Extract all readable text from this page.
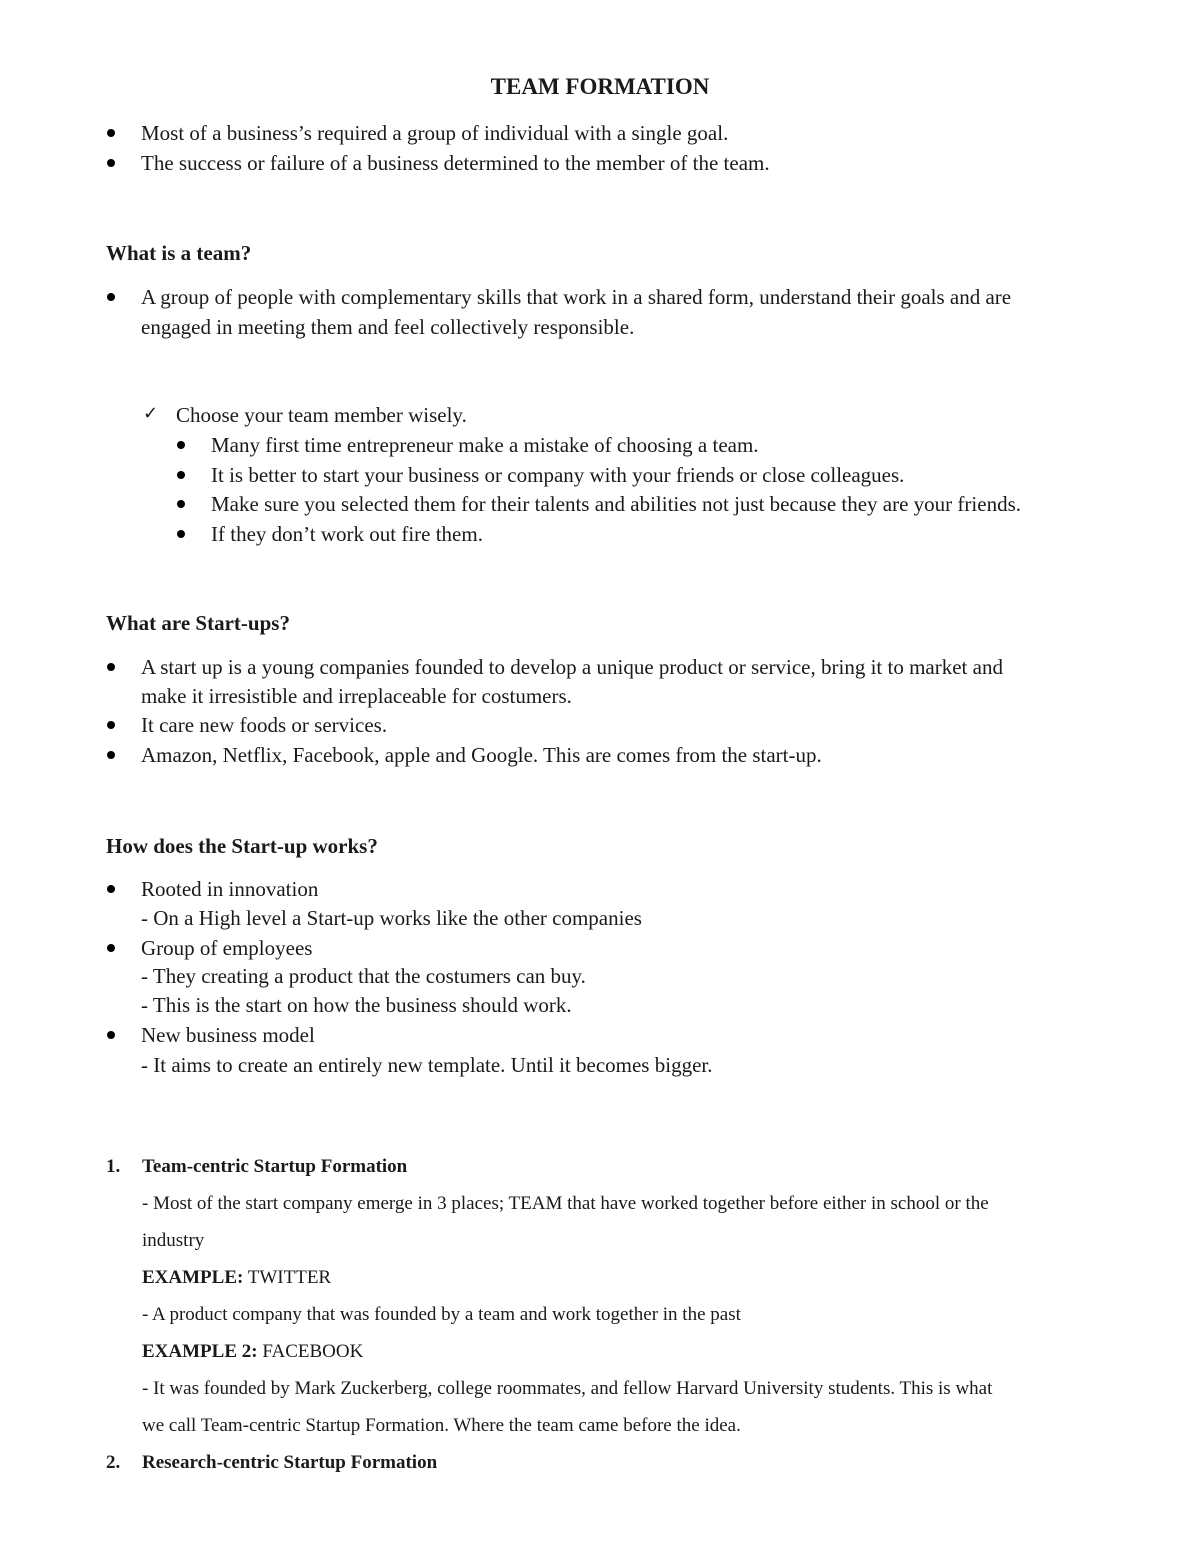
TEAM FORMATION
Most of a business’s required a group of individual with a single goal.
The success or failure of a business determined to the member of the team.
What is a team?
A group of people with complementary skills that work in a shared form, understand their goals and are
engaged in meeting them and feel collectively responsible.
✓ Choose your team member wisely.
Many first time entrepreneur make a mistake of choosing a team.
It is better to start your business or company with your friends or close colleagues.
Make sure you selected them for their talents and abilities not just because they are your friends.
If they don’t work out fire them.
What are Start-ups?
A start up is a young companies founded to develop a unique product or service, bring it to market and
make it irresistible and irreplaceable for costumers.
It care new foods or services.
Amazon, Netflix, Facebook, apple and Google. This are comes from the start-up.
How does the Start-up works?
Rooted in innovation
- On a High level a Start-up works like the other companies
Group of employees
- They creating a product that the costumers can buy.
- This is the start on how the business should work.
New business model
- It aims to create an entirely new template. Until it becomes bigger.
1. Team-centric Startup Formation
- Most of the start company emerge in 3 places; TEAM that have worked together before either in school or the
industry
EXAMPLE: TWITTER
- A product company that was founded by a team and work together in the past
EXAMPLE 2: FACEBOOK
- It was founded by Mark Zuckerberg, college roommates, and fellow Harvard University students. This is what
we call Team-centric Startup Formation. Where the team came before the idea.
2. Research-centric Startup Formation
